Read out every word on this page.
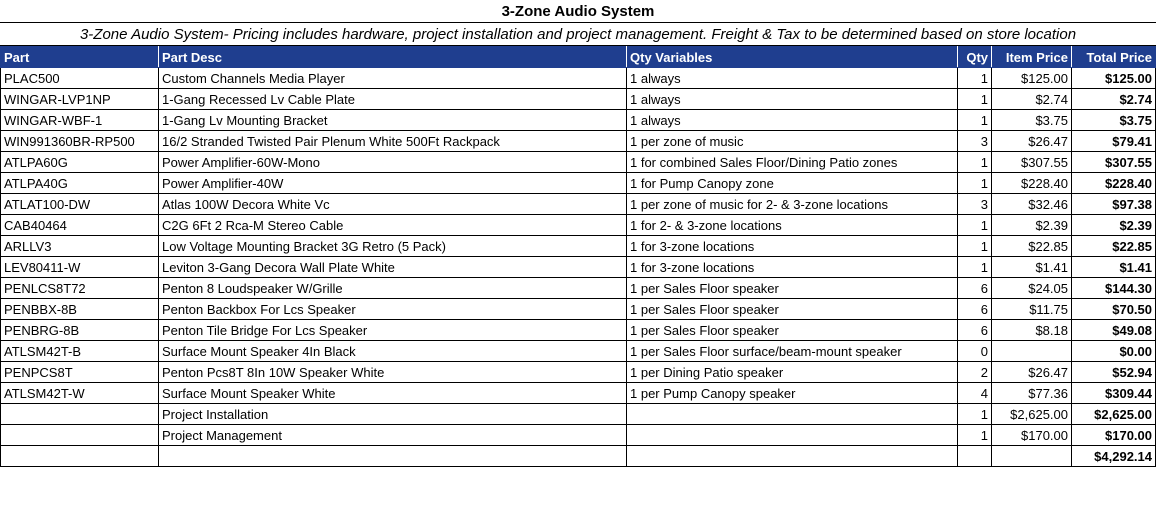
3-Zone Audio System
3-Zone Audio System- Pricing includes hardware, project installation and project management. Freight & Tax to be determined based on store location
Part	Part Desc	Qty Variables	Qty	Item Price	Total Price
PLAC500	Custom Channels Media Player	1 always	1	$125.00	$125.00
WINGAR-LVP1NP	1-Gang Recessed Lv Cable Plate	1 always	1	$2.74	$2.74
WINGAR-WBF-1	1-Gang Lv Mounting Bracket	1 always	1	$3.75	$3.75
WIN991360BR-RP500	16/2 Stranded Twisted Pair Plenum White 500Ft Rackpack	1 per zone of music	3	$26.47	$79.41
ATLPA60G	Power Amplifier-60W-Mono	1 for combined Sales Floor/Dining Patio zones	1	$307.55	$307.55
ATLPA40G	Power Amplifier-40W	1 for Pump Canopy zone	1	$228.40	$228.40
ATLAT100-DW	Atlas 100W Decora White Vc	1 per zone of music for 2- & 3-zone locations	3	$32.46	$97.38
CAB40464	C2G 6Ft 2 Rca-M Stereo Cable	1 for 2- & 3-zone locations	1	$2.39	$2.39
ARLLV3	Low Voltage Mounting Bracket 3G Retro (5 Pack)	1 for 3-zone locations	1	$22.85	$22.85
LEV80411-W	Leviton 3-Gang Decora Wall Plate White	1 for 3-zone locations	1	$1.41	$1.41
PENLCS8T72	Penton 8 Loudspeaker W/Grille	1 per Sales Floor speaker	6	$24.05	$144.30
PENBBX-8B	Penton Backbox For Lcs Speaker	1 per Sales Floor speaker	6	$11.75	$70.50
PENBRG-8B	Penton Tile Bridge For Lcs Speaker	1 per Sales Floor speaker	6	$8.18	$49.08
ATLSM42T-B	Surface Mount Speaker 4In Black	1 per Sales Floor surface/beam-mount speaker	0		$0.00
PENPCS8T	Penton Pcs8T 8In 10W Speaker White	1 per Dining Patio speaker	2	$26.47	$52.94
ATLSM42T-W	Surface Mount Speaker White	1 per Pump Canopy speaker	4	$77.36	$309.44
	Project Installation		1	$2,625.00	$2,625.00
	Project Management		1	$170.00	$170.00
					$4,292.14
